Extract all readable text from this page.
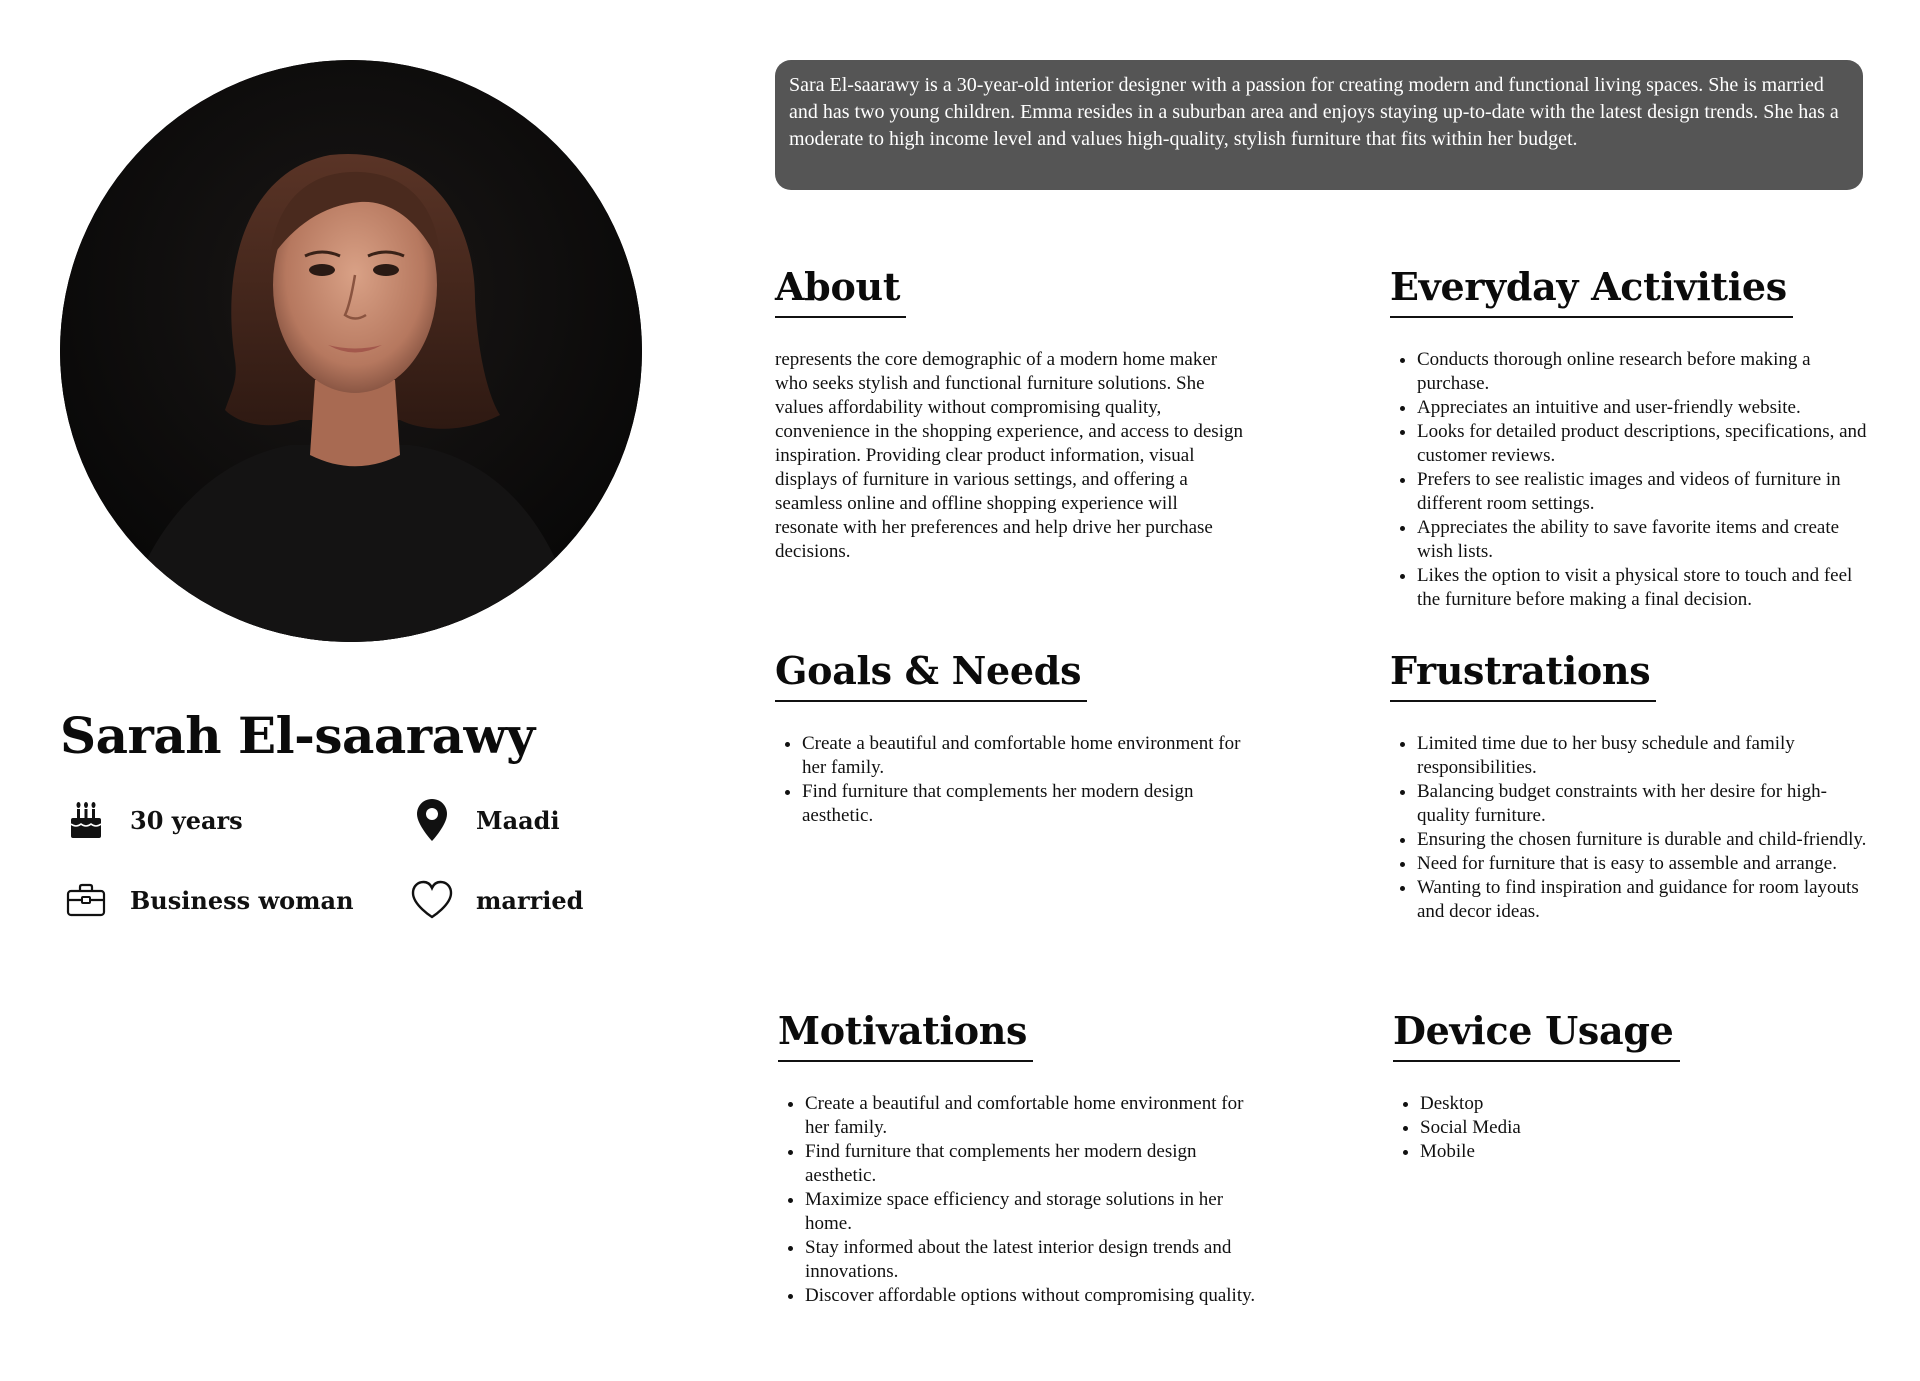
Sarah El-saarawy
30 years	Maadi
Business woman	married
Sara El-saarawy is a 30-year-old interior designer with a passion for creating modern and functional living spaces. She is married and has two young children. Emma resides in a suburban area and enjoys staying up-to-date with the latest design trends. She has a moderate to high income level and values high-quality, stylish furniture that fits within her budget.
About
represents the core demographic of a modern home maker who seeks stylish and functional furniture solutions. She values affordability without compromising quality, convenience in the shopping experience, and access to design inspiration. Providing clear product information, visual displays of furniture in various settings, and offering a seamless online and offline shopping experience will resonate with her preferences and help drive her purchase decisions.
Everyday Activities
Conducts thorough online research before making a purchase.
Appreciates an intuitive and user-friendly website.
Looks for detailed product descriptions, specifications, and customer reviews.
Prefers to see realistic images and videos of furniture in different room settings.
Appreciates the ability to save favorite items and create wish lists.
Likes the option to visit a physical store to touch and feel the furniture before making a final decision.
Goals & Needs
Create a beautiful and comfortable home environment for her family.
Find furniture that complements her modern design aesthetic.
Frustrations
Limited time due to her busy schedule and family responsibilities.
Balancing budget constraints with her desire for high-quality furniture.
Ensuring the chosen furniture is durable and child-friendly.
Need for furniture that is easy to assemble and arrange.
Wanting to find inspiration and guidance for room layouts and decor ideas.
Motivations
Create a beautiful and comfortable home environment for her family.
Find furniture that complements her modern design aesthetic.
Maximize space efficiency and storage solutions in her home.
Stay informed about the latest interior design trends and innovations.
Discover affordable options without compromising quality.
Device Usage
Desktop
Social Media
Mobile
